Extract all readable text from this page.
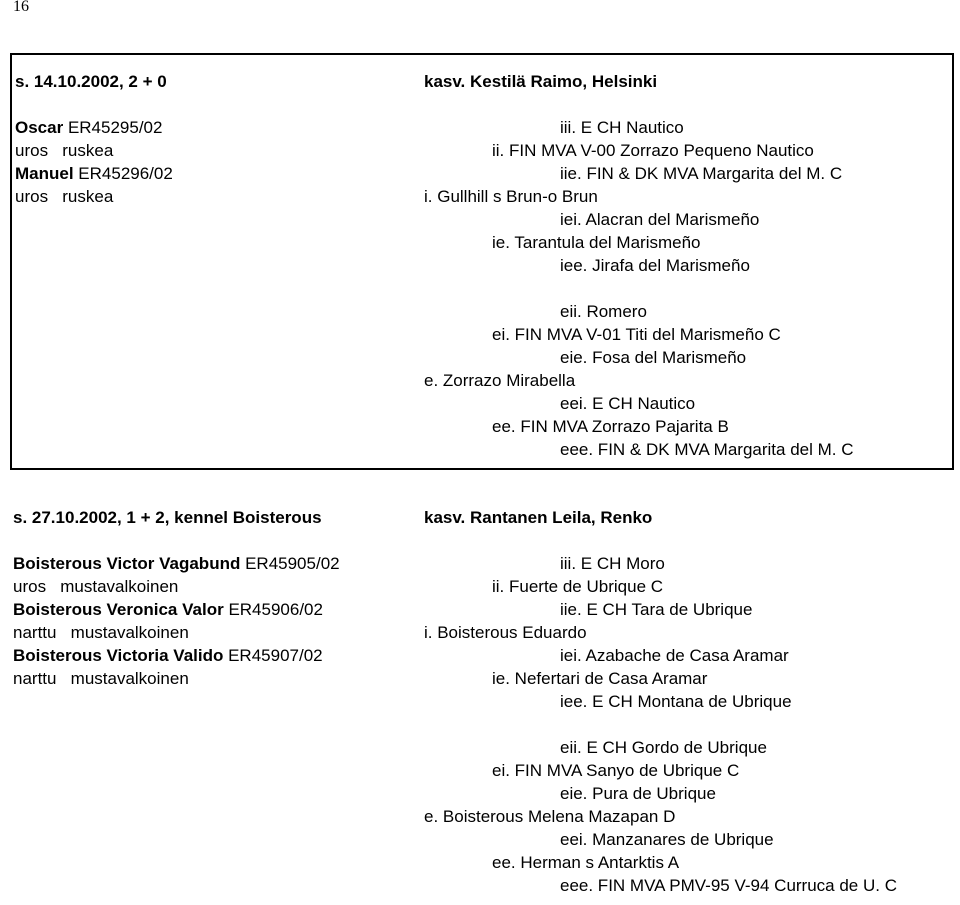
16
s. 14.10.2002, 2 + 0	kasv. Kestilä Raimo, Helsinki
Oscar ER45295/02
uros ruskea
Manuel ER45296/02
uros ruskea
iii. E CH Nautico
ii. FIN MVA V-00 Zorrazo Pequeno Nautico
iie. FIN & DK MVA Margarita del M. C
i. Gullhill s Brun-o Brun
iei. Alacran del Marismeño
ie. Tarantula del Marismeño
iee. Jirafa del Marismeño
eii. Romero
ei. FIN MVA V-01 Titi del Marismeño C
eie. Fosa del Marismeño
e. Zorrazo Mirabella
eei. E CH Nautico
ee. FIN MVA Zorrazo Pajarita B
eee. FIN & DK MVA Margarita del M. C
s. 27.10.2002, 1 + 2, kennel Boisterous	kasv. Rantanen Leila, Renko
Boisterous Victor Vagabund ER45905/02
uros mustavalkoinen
Boisterous Veronica Valor ER45906/02
narttu mustavalkoinen
Boisterous Victoria Valido ER45907/02
narttu mustavalkoinen
iii. E CH Moro
ii. Fuerte de Ubrique C
iie. E CH Tara de Ubrique
i. Boisterous Eduardo
iei. Azabache de Casa Aramar
ie. Nefertari de Casa Aramar
iee. E CH Montana de Ubrique
eii. E CH Gordo de Ubrique
ei. FIN MVA Sanyo de Ubrique C
eie. Pura de Ubrique
e. Boisterous Melena Mazapan D
eei. Manzanares de Ubrique
ee. Herman s Antarktis A
eee. FIN MVA PMV-95 V-94 Curruca de U. C
